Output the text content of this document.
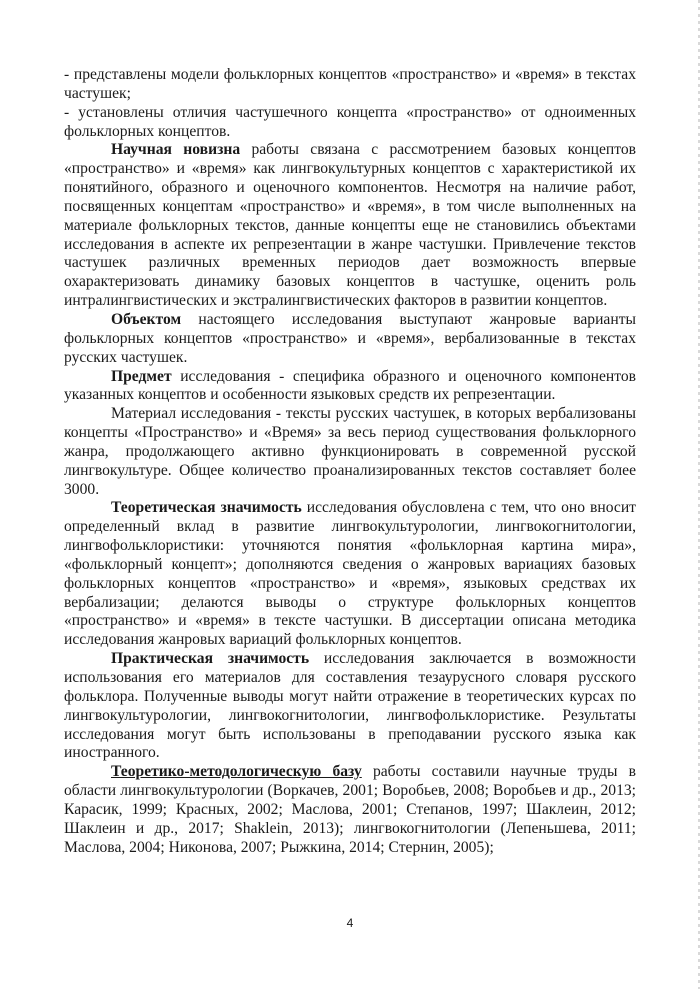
- представлены модели фольклорных концептов «пространство» и «время» в текстах частушек;

- установлены отличия частушечного концепта «пространство» от одноименных фольклорных концептов.

Научная новизна работы связана с рассмотрением базовых концептов «пространство» и «время» как лингвокультурных концептов с характеристикой их понятийного, образного и оценочного компонентов. Несмотря на наличие работ, посвященных концептам «пространство» и «время», в том числе выполненных на материале фольклорных текстов, данные концепты еще не становились объектами исследования в аспекте их репрезентации в жанре частушки. Привлечение текстов частушек различных временных периодов дает возможность впервые охарактеризовать динамику базовых концептов в частушке, оценить роль интралингвистических и экстралингвистических факторов в развитии концептов.

Объектом настоящего исследования выступают жанровые варианты фольклорных концептов «пространство» и «время», вербализованные в текстах русских частушек.

Предмет исследования - специфика образного и оценочного компонентов указанных концептов и особенности языковых средств их репрезентации.

Материал исследования - тексты русских частушек, в которых вербализованы концепты «Пространство» и «Время» за весь период существования фольклорного жанра, продолжающего активно функционировать в современной русской лингвокультуре. Общее количество проанализированных текстов составляет более 3000.

Теоретическая значимость исследования обусловлена с тем, что оно вносит определенный вклад в развитие лингвокультурологии, лингвокогнитологии, лингвофольклористики: уточняются понятия «фольклорная картина мира», «фольклорный концепт»; дополняются сведения о жанровых вариациях базовых фольклорных концептов «пространство» и «время», языковых средствах их вербализации; делаются выводы о структуре фольклорных концептов «пространство» и «время» в тексте частушки. В диссертации описана методика исследования жанровых вариаций фольклорных концептов.

Практическая значимость исследования заключается в возможности использования его материалов для составления тезаурусного словаря русского фольклора. Полученные выводы могут найти отражение в теоретических курсах по лингвокультурологии, лингвокогнитологии, лингвофольклористике. Результаты исследования могут быть использованы в преподавании русского языка как иностранного.

Теоретико-методологическую базу работы составили научные труды в области лингвокультурологии (Воркачев, 2001; Воробьев, 2008; Воробьев и др., 2013; Карасик, 1999; Красных, 2002; Маслова, 2001; Степанов, 1997; Шаклеин, 2012; Шаклеин и др., 2017; Shaklein, 2013); лингвокогнитологии (Лепеньшева, 2011; Маслова, 2004; Никонова, 2007; Рыжкина, 2014; Стернин, 2005);

4
